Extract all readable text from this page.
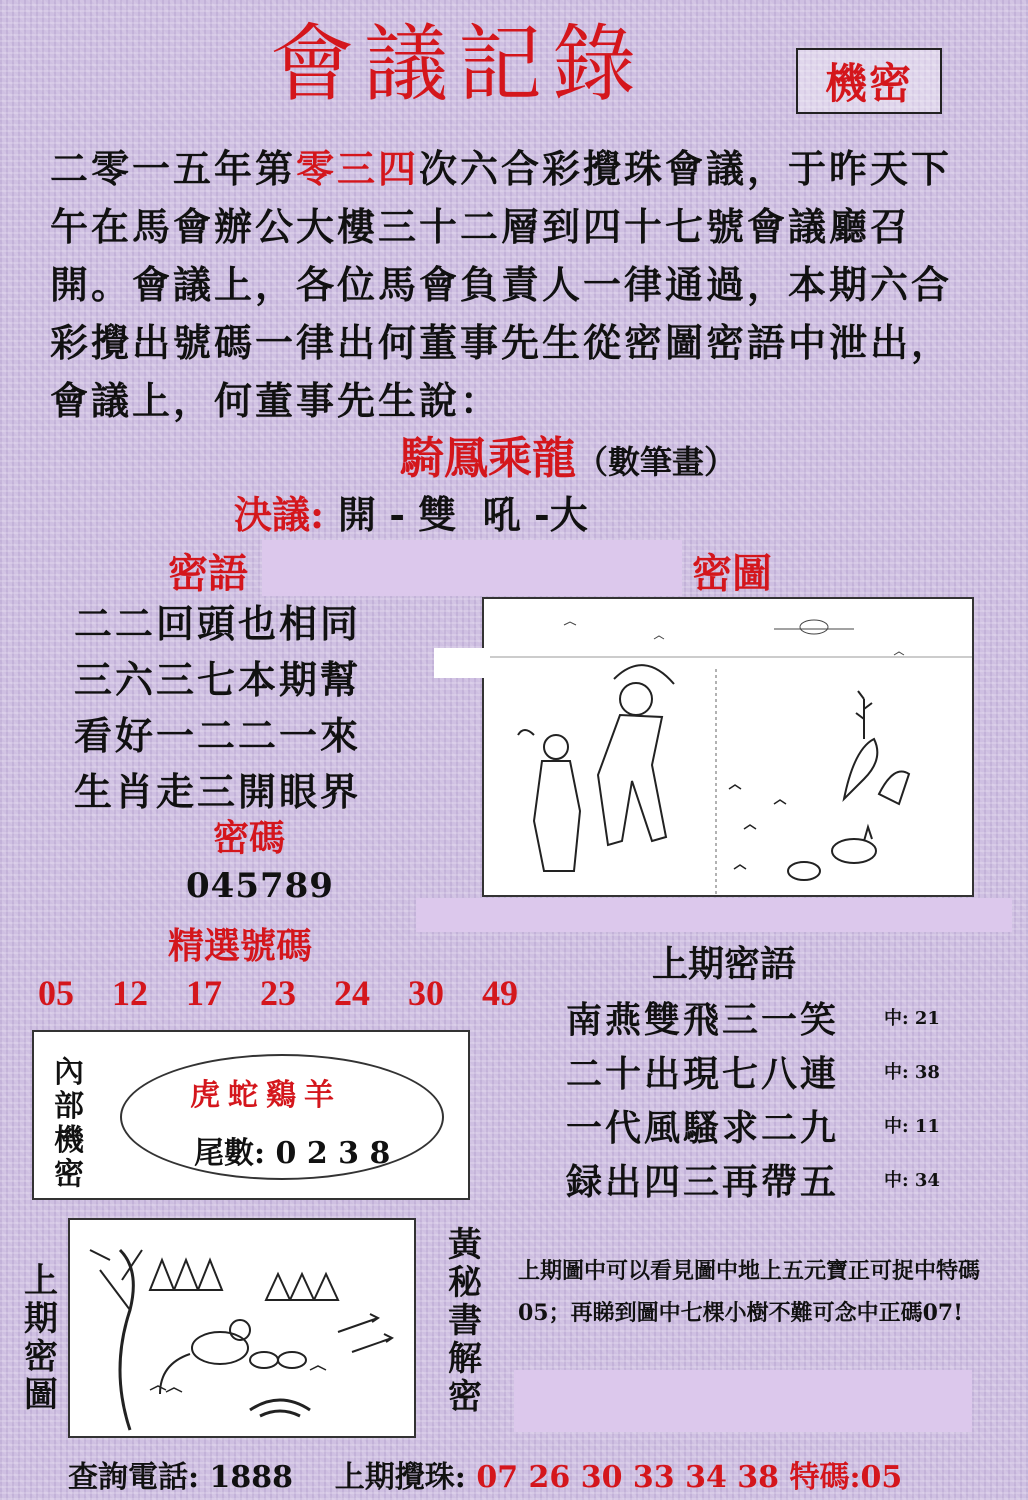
會議記錄	機密
二零一五年第零三四次六合彩攪珠會議，于昨天下午在馬會辦公大樓三十二層到四十七號會議廳召開。會議上，各位馬會負責人一律通過，本期六合彩攪出號碼一律出何董事先生從密圖密語中泄出，會議上，何董事先生說：
騎鳳乘龍（數筆畫）
決議: 開 - 雙  吼 -大
密語	密圖
二二回頭也相同
三六三七本期幫
看好一二二一來
生肖走三開眼界
密碼
045789
精選號碼
05  12  17  23  24  30  49
上期密語
南燕雙飛三一笑	中: 21
二十出現七八連	中: 38
一代風騷求二九	中: 11
録出四三再帶五	中: 34
內部機密
虎蛇鷄羊
尾數: 0 2 3 8
上期密圖
黃秘書解密
上期圖中可以看見圖中地上五元寶正可捉中特碼05；再睇到圖中七棵小樹不難可念中正碼07!
查詢電話: 1888 上期攪珠: 07 26 30 33 34 38 特碼:05
